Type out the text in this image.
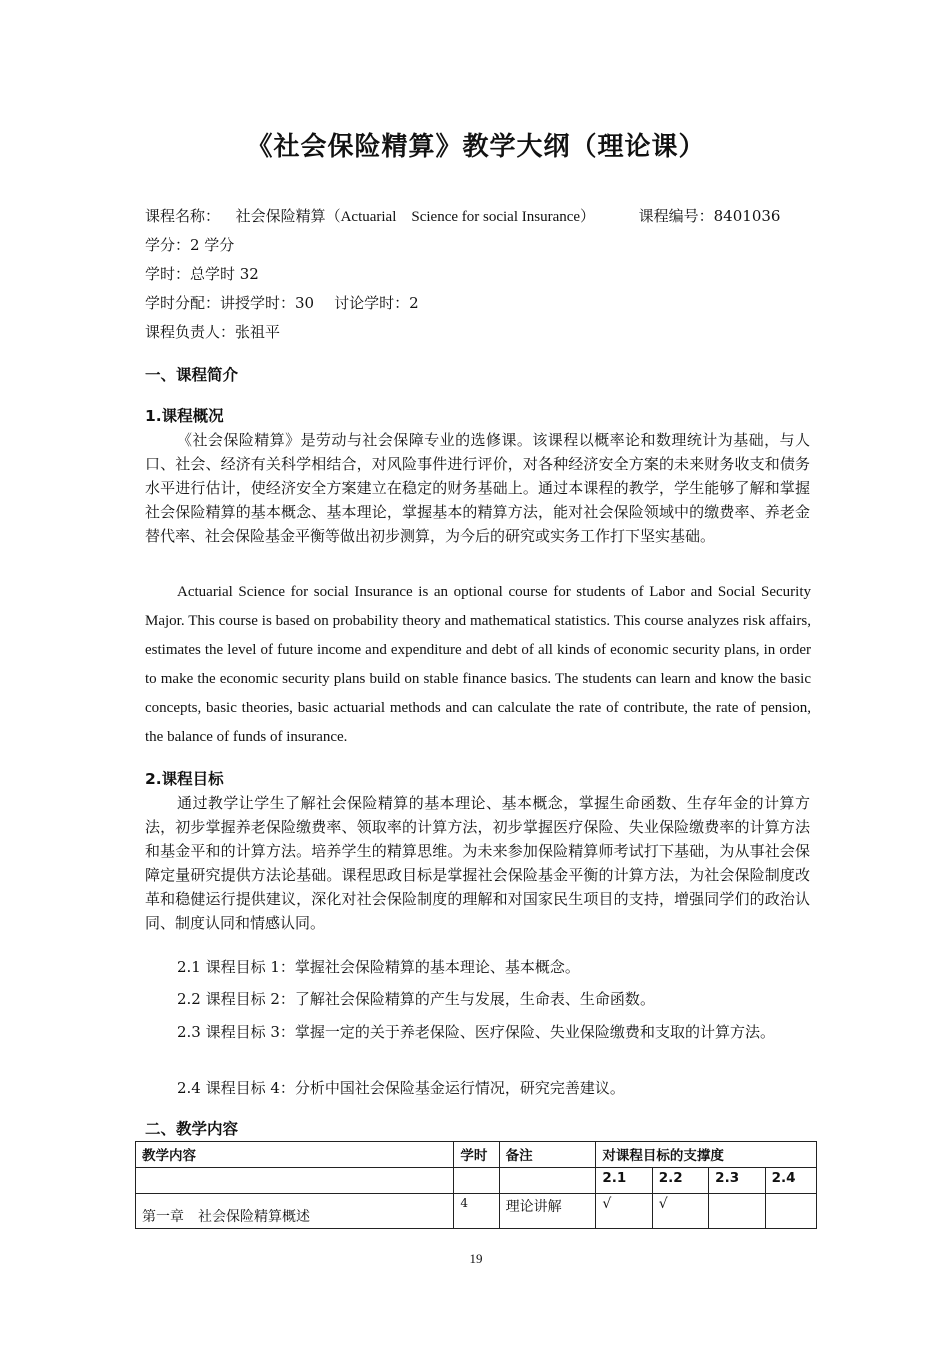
《社会保险精算》教学大纲（理论课）
课程名称： 社会保险精算（Actuarial　Science for social Insurance）	课程编号：8401036
学分：2 学分
学时：总学时 32
学时分配：讲授学时：30 讨论学时：2
课程负责人：张祖平
一、课程简介
1.课程概况

《社会保险精算》是劳动与社会保障专业的选修课。该课程以概率论和数理统计为基础，与人口、社会、经济有关科学相结合，对风险事件进行评价，对各种经济安全方案的未来财务收支和债务水平进行估计，使经济安全方案建立在稳定的财务基础上。通过本课程的教学，学生能够了解和掌握社会保险精算的基本概念、基本理论，掌握基本的精算方法，能对社会保险领域中的缴费率、养老金替代率、社会保险基金平衡等做出初步测算，为今后的研究或实务工作打下坚实基础。

Actuarial Science for social Insurance is an optional course for students of Labor and Social Security Major. This course is based on probability theory and mathematical statistics. This course analyzes risk affairs, estimates the level of future income and expenditure and debt of all kinds of economic security plans, in order to make the economic security plans build on stable finance basics. The students can learn and know the basic concepts, basic theories, basic actuarial methods and can calculate the rate of contribute, the rate of pension, the balance of funds of insurance.

2.课程目标

通过教学让学生了解社会保险精算的基本理论、基本概念，掌握生命函数、生存年金的计算方法，初步掌握养老保险缴费率、领取率的计算方法，初步掌握医疗保险、失业保险缴费率的计算方法和基金平和的计算方法。培养学生的精算思维。为未来参加保险精算师考试打下基础，为从事社会保障定量研究提供方法论基础。课程思政目标是掌握社会保险基金平衡的计算方法，为社会保险制度改革和稳健运行提供建议，深化对社会保险制度的理解和对国家民生项目的支持，增强同学们的政治认同、制度认同和情感认同。

2.1 课程目标 1：掌握社会保险精算的基本理论、基本概念。

2.2 课程目标 2：了解社会保险精算的产生与发展，生命表、生命函数。

2.3 课程目标 3：掌握一定的关于养老保险、医疗保险、失业保险缴费和支取的计算方法。

2.4 课程目标 4：分析中国社会保险基金运行情况，研究完善建议。

二、教学内容
教学内容	学时	备注	对课程目标的支撑度			
			2.1	2.2	2.3	2.4
第一章　社会保险精算概述	4	理论讲解	√	√		
19
